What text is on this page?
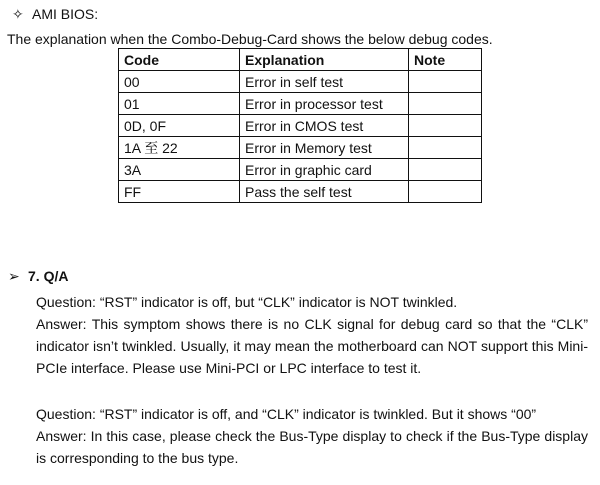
✧ AMI BIOS:
The explanation when the Combo-Debug-Card shows the below debug codes.
Code	Explanation	Note
00	Error in self test	
01	Error in processor test	
0D, 0F	Error in CMOS test	
1A 至 22	Error in Memory test	
3A	Error in graphic card	
FF	Pass the self test	
➢ 7. Q/A

Question: “RST” indicator is off, but “CLK” indicator is NOT twinkled.

Answer: This symptom shows there is no CLK signal for debug card so that the “CLK” indicator isn’t twinkled. Usually, it may mean the motherboard can NOT support this Mini-PCIe interface. Please use Mini-PCI or LPC interface to test it.

Question: “RST” indicator is off, and “CLK” indicator is twinkled. But it shows “00”

Answer: In this case, please check the Bus-Type display to check if the Bus-Type display is corresponding to the bus type.
